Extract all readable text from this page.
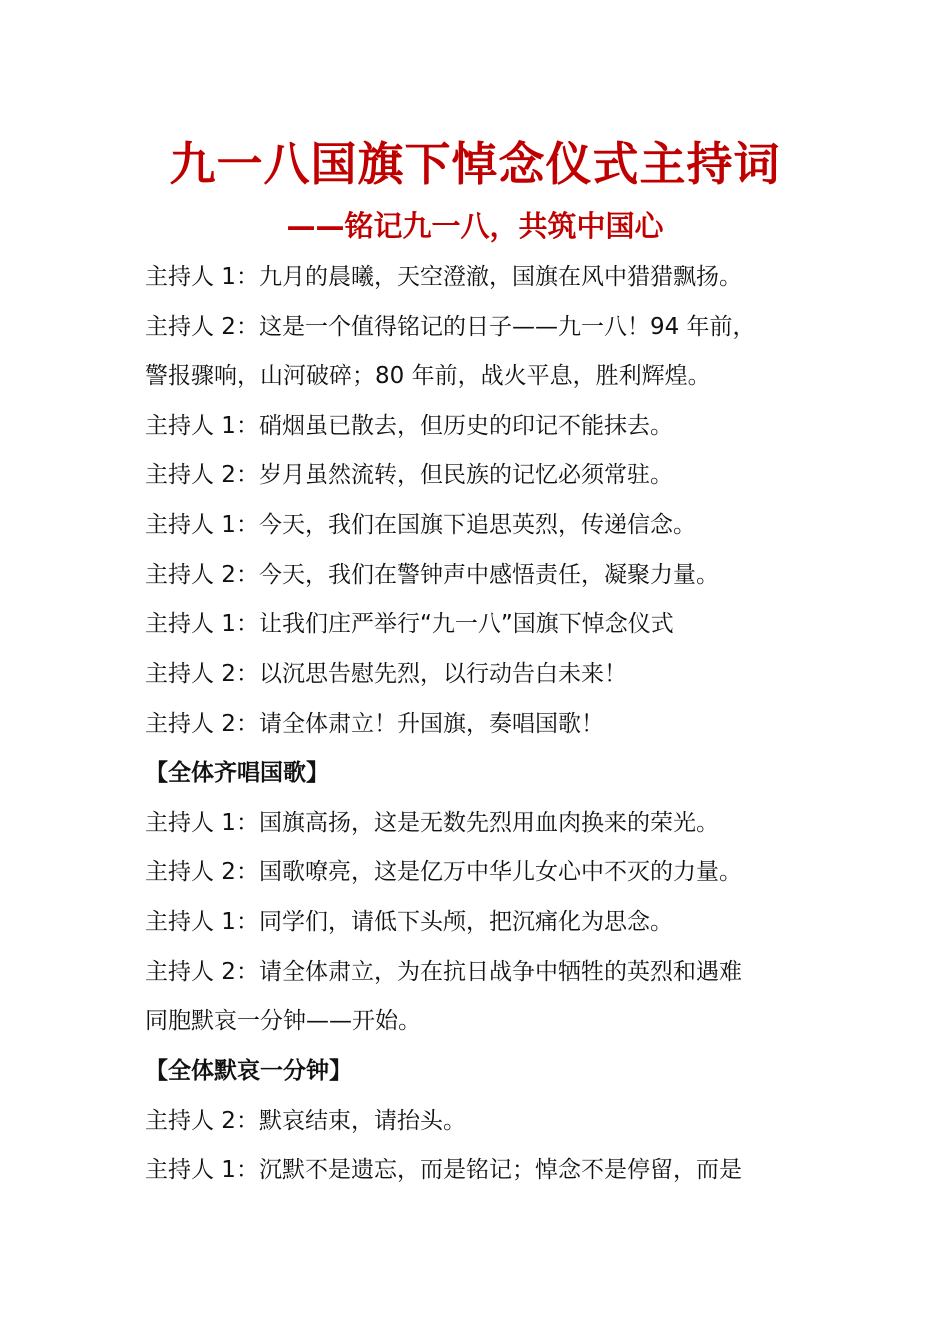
九一八国旗下悼念仪式主持词
——铭记九一八，共筑中国心
主持人 1：九月的晨曦，天空澄澈，国旗在风中猎猎飘扬。
主持人 2：这是一个值得铭记的日子——九一八！94 年前，
警报骤响，山河破碎；80 年前，战火平息，胜利辉煌。
主持人 1：硝烟虽已散去，但历史的印记不能抹去。
主持人 2：岁月虽然流转，但民族的记忆必须常驻。
主持人 1：今天，我们在国旗下追思英烈，传递信念。
主持人 2：今天，我们在警钟声中感悟责任，凝聚力量。
主持人 1：让我们庄严举行“九一八”国旗下悼念仪式
主持人 2：以沉思告慰先烈，以行动告白未来！
主持人 2：请全体肃立！升国旗，奏唱国歌！
【全体齐唱国歌】
主持人 1：国旗高扬，这是无数先烈用血肉换来的荣光。
主持人 2：国歌嘹亮，这是亿万中华儿女心中不灭的力量。
主持人 1：同学们，请低下头颅，把沉痛化为思念。
主持人 2：请全体肃立，为在抗日战争中牺牲的英烈和遇难
同胞默哀一分钟——开始。
【全体默哀一分钟】
主持人 2：默哀结束，请抬头。
主持人 1：沉默不是遗忘，而是铭记；悼念不是停留，而是
